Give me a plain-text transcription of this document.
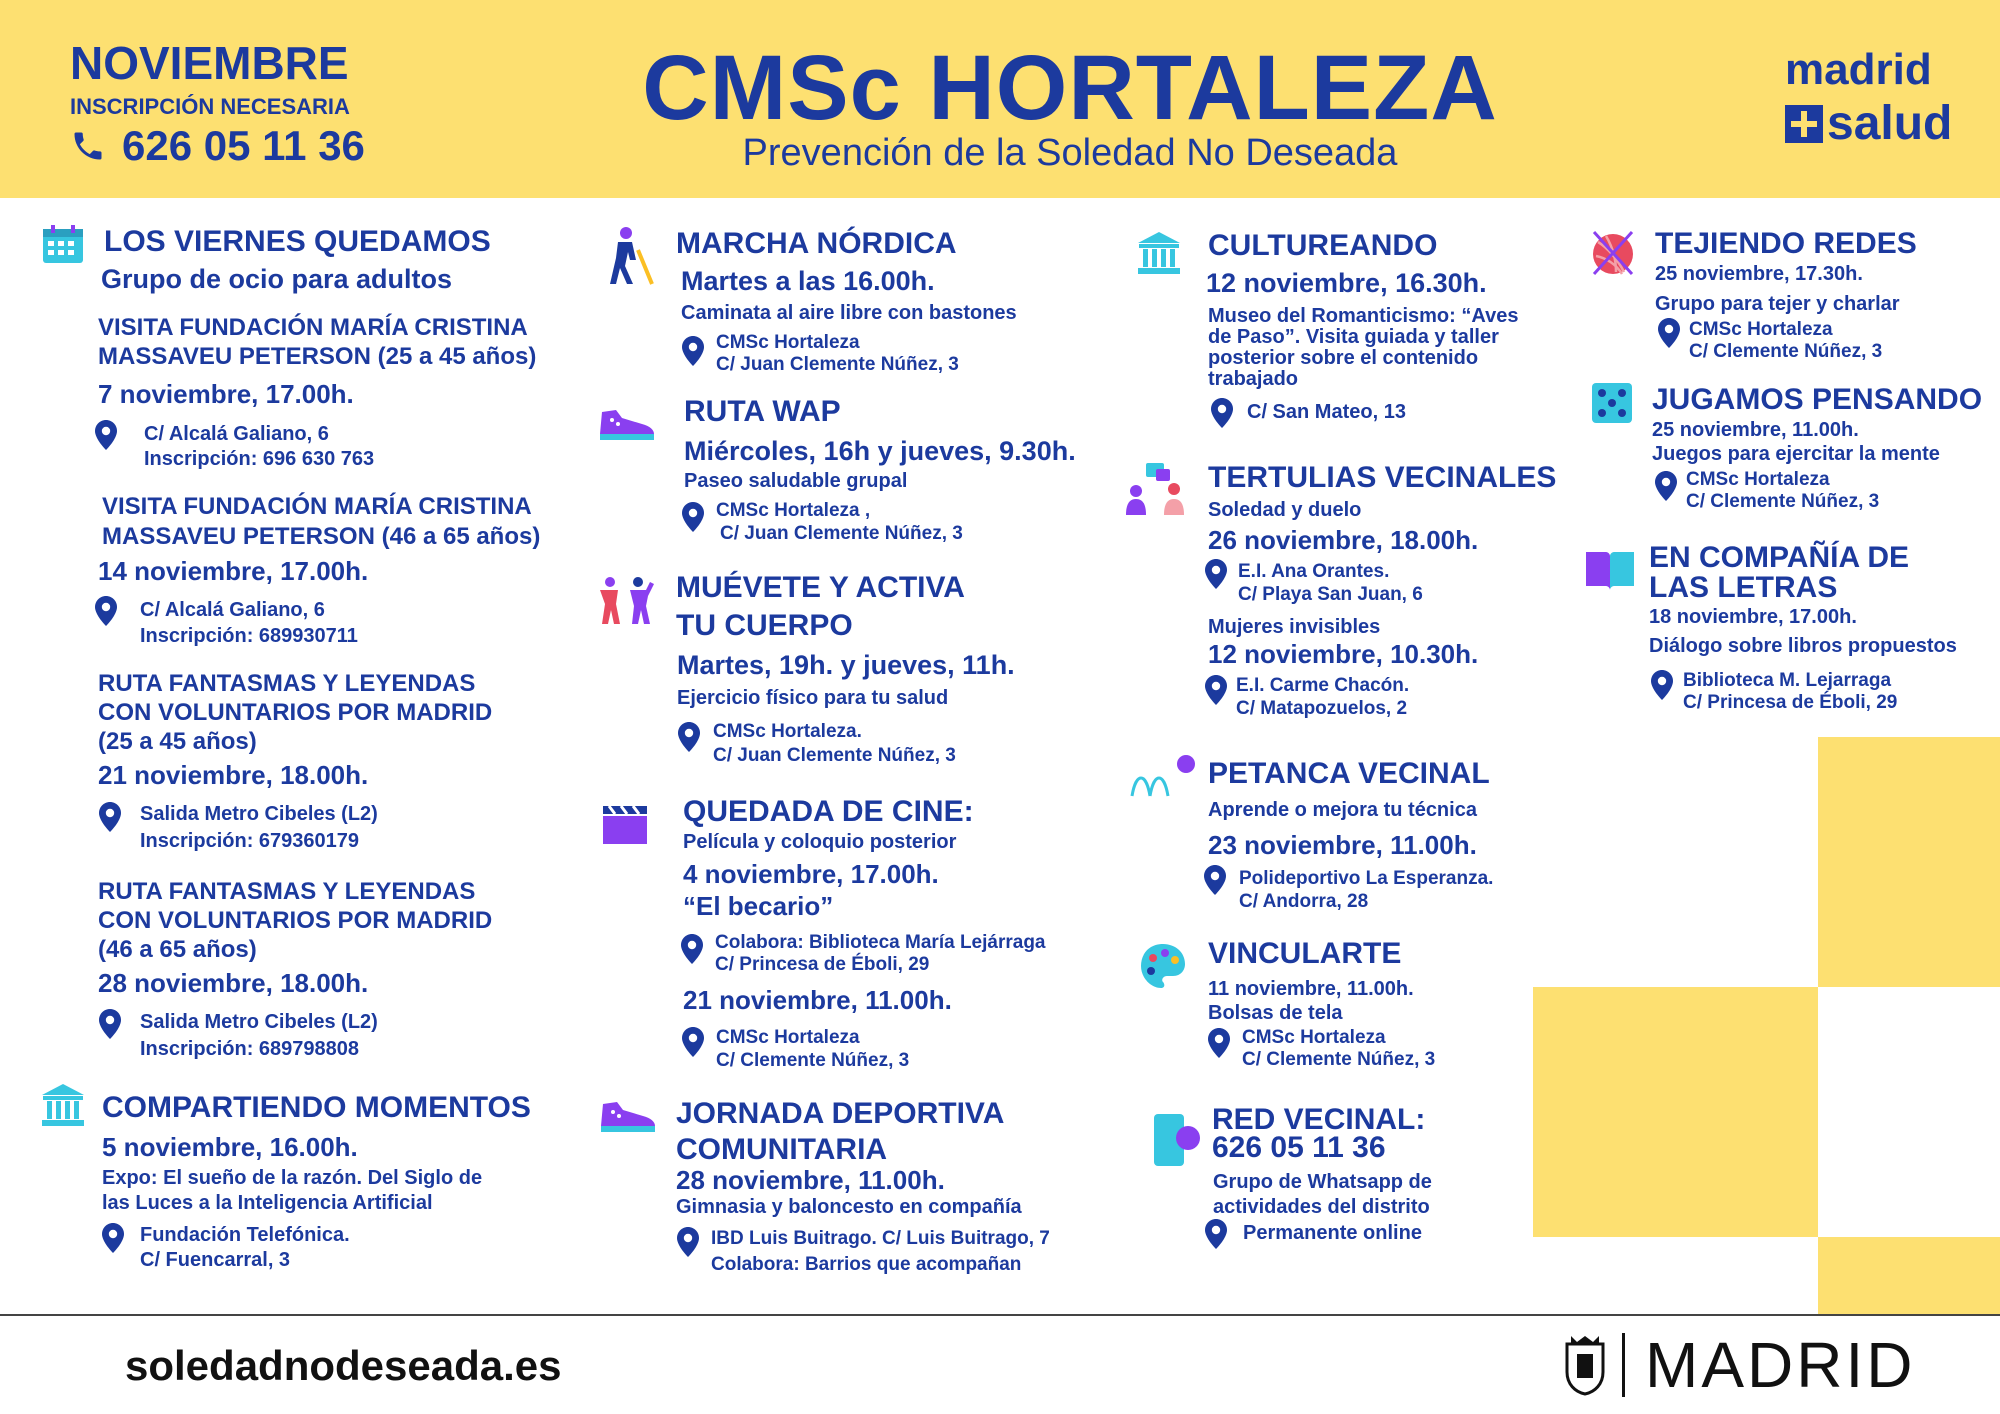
NOVIEMBRE
INSCRIPCIÓN NECESARIA
626 05 11 36
CMSc HORTALEZA
Prevención de la Soledad No Deseada
madrid
salud
LOS VIERNES QUEDAMOS
Grupo de ocio para adultos
VISITA FUNDACIÓN MARÍA CRISTINA
MASSAVEU PETERSON (25 a 45 años)
7 noviembre, 17.00h.
C/ Alcalá Galiano, 6
Inscripción: 696 630 763
VISITA FUNDACIÓN MARÍA CRISTINA
MASSAVEU PETERSON (46 a 65 años)
14 noviembre, 17.00h.
C/ Alcalá Galiano, 6
Inscripción: 689930711
RUTA FANTASMAS Y LEYENDAS
CON VOLUNTARIOS POR MADRID
(25 a 45 años)
21 noviembre, 18.00h.
Salida Metro Cibeles (L2)
Inscripción: 679360179
RUTA FANTASMAS Y LEYENDAS
CON VOLUNTARIOS POR MADRID
(46 a 65 años)
28 noviembre, 18.00h.
Salida Metro Cibeles (L2)
Inscripción: 689798808
COMPARTIENDO MOMENTOS
5 noviembre, 16.00h.
Expo: El sueño de la razón. Del Siglo de
las Luces a la Inteligencia Artificial
Fundación Telefónica.
C/ Fuencarral, 3
MARCHA NÓRDICA
Martes a las 16.00h.
Caminata al aire libre con bastones
CMSc Hortaleza
C/ Juan Clemente Núñez, 3
RUTA WAP
Miércoles, 16h y jueves, 9.30h.
Paseo saludable grupal
CMSc Hortaleza ,
C/ Juan Clemente Núñez, 3
MUÉVETE Y ACTIVA
TU CUERPO
Martes, 19h. y jueves, 11h.
Ejercicio físico para tu salud
CMSc Hortaleza.
C/ Juan Clemente Núñez, 3
QUEDADA DE CINE:
Película y coloquio posterior
4 noviembre, 17.00h.
“El becario”
Colabora: Biblioteca María Lejárraga
C/ Princesa de Éboli, 29
21 noviembre, 11.00h.
CMSc Hortaleza
C/ Clemente Núñez, 3
JORNADA DEPORTIVA
COMUNITARIA
28 noviembre, 11.00h.
Gimnasia y baloncesto en compañía
IBD Luis Buitrago. C/ Luis Buitrago, 7
Colabora: Barrios que acompañan
CULTUREANDO
12 noviembre, 16.30h.
Museo del Romanticismo: “Aves
de Paso”. Visita guiada y taller
posterior sobre el contenido
trabajado
C/ San Mateo, 13
TERTULIAS VECINALES
Soledad y duelo
26 noviembre, 18.00h.
E.I. Ana Orantes.
C/ Playa San Juan, 6
Mujeres invisibles
12 noviembre, 10.30h.
E.I. Carme Chacón.
C/ Matapozuelos, 2
PETANCA VECINAL
Aprende o mejora tu técnica
23 noviembre, 11.00h.
Polideportivo La Esperanza.
C/ Andorra, 28
VINCULARTE
11 noviembre, 11.00h.
Bolsas de tela
CMSc Hortaleza
C/ Clemente Núñez, 3
RED VECINAL:
626 05 11 36
Grupo de Whatsapp de
actividades del distrito
Permanente online
TEJIENDO REDES
25 noviembre, 17.30h.
Grupo para tejer y charlar
CMSc Hortaleza
C/ Clemente Núñez, 3
JUGAMOS PENSANDO
25 noviembre, 11.00h.
Juegos para ejercitar la mente
CMSc Hortaleza
C/ Clemente Núñez, 3
EN COMPAÑÍA DE
LAS LETRAS
18 noviembre, 17.00h.
Diálogo sobre libros propuestos
Biblioteca M. Lejarraga
C/ Princesa de Éboli, 29
soledadnodeseada.es	MADRID
